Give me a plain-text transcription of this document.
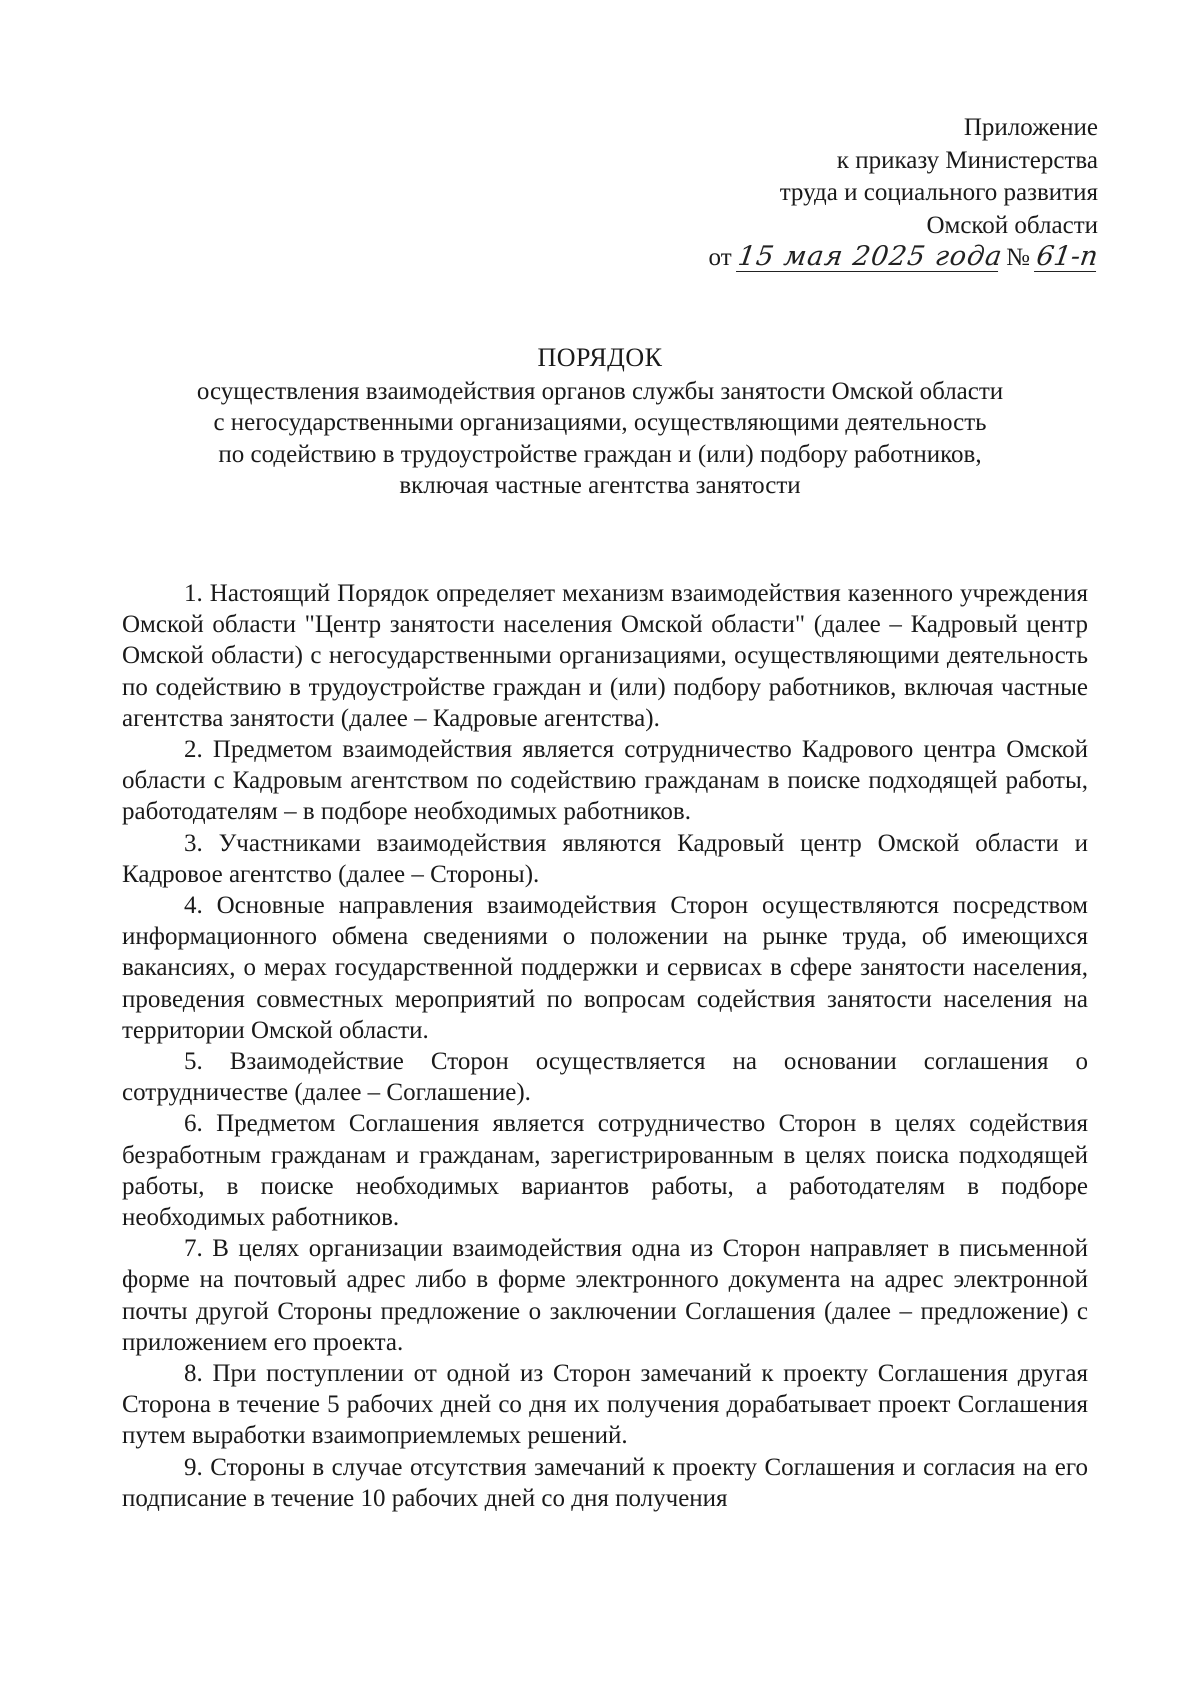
Приложение
к приказу Министерства
труда и социального развития
Омской области
от 15 мая 2025 года № 61-п
ПОРЯДОК
осуществления взаимодействия органов службы занятости Омской области
с негосударственными организациями, осуществляющими деятельность
по содействию в трудоустройстве граждан и (или) подбору работников,
включая частные агентства занятости

1. Настоящий Порядок определяет механизм взаимодействия казенного учреждения Омской области "Центр занятости населения Омской области" (далее – Кадровый центр Омской области) с негосударственными организациями, осуществляющими деятельность по содействию в трудоустройстве граждан и (или) подбору работников, включая частные агентства занятости (далее – Кадровые агентства).

2. Предметом взаимодействия является сотрудничество Кадрового центра Омской области с Кадровым агентством по содействию гражданам в поиске подходящей работы, работодателям – в подборе необходимых работников.

3. Участниками взаимодействия являются Кадровый центр Омской области и Кадровое агентство (далее – Стороны).

4. Основные направления взаимодействия Сторон осуществляются посредством информационного обмена сведениями о положении на рынке труда, об имеющихся вакансиях, о мерах государственной поддержки и сервисах в сфере занятости населения, проведения совместных мероприятий по вопросам содействия занятости населения на территории Омской области.

5. Взаимодействие Сторон осуществляется на основании соглашения о сотрудничестве (далее – Соглашение).

6. Предметом Соглашения является сотрудничество Сторон в целях содействия безработным гражданам и гражданам, зарегистрированным в целях поиска подходящей работы, в поиске необходимых вариантов работы, а работодателям в подборе необходимых работников.

7. В целях организации взаимодействия одна из Сторон направляет в письменной форме на почтовый адрес либо в форме электронного документа на адрес электронной почты другой Стороны предложение о заключении Соглашения (далее – предложение) с приложением его проекта.

8. При поступлении от одной из Сторон замечаний к проекту Соглашения другая Сторона в течение 5 рабочих дней со дня их получения дорабатывает проект Соглашения путем выработки взаимоприемлемых решений.

9. Стороны в случае отсутствия замечаний к проекту Соглашения и согласия на его подписание в течение 10 рабочих дней со дня получения
